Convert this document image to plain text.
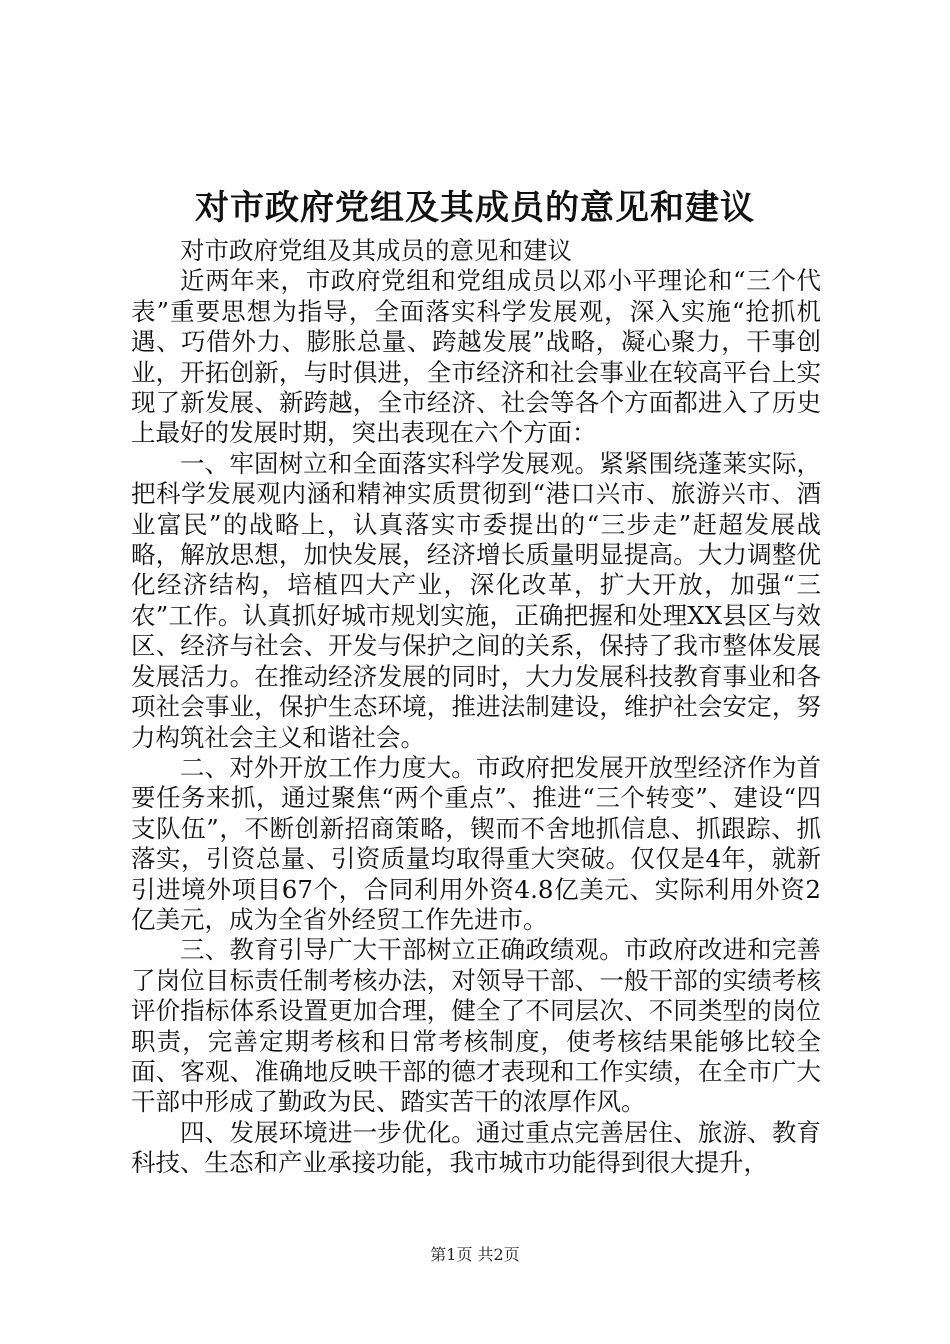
对市政府党组及其成员的意见和建议

对市政府党组及其成员的意见和建议

近两年来，市政府党组和党组成员以邓小平理论和“三个代表”重要思想为指导，全面落实科学发展观，深入实施“抢抓机遇、巧借外力、膨胀总量、跨越发展”战略，凝心聚力，干事创业，开拓创新，与时俱进，全市经济和社会事业在较高平台上实现了新发展、新跨越，全市经济、社会等各个方面都进入了历史上最好的发展时期，突出表现在六个方面：

一、牢固树立和全面落实科学发展观。紧紧围绕蓬莱实际，把科学发展观内涵和精神实质贯彻到“港口兴市、旅游兴市、酒业富民”的战略上，认真落实市委提出的“三步走”赶超发展战略，解放思想，加快发展，经济增长质量明显提高。大力调整优化经济结构，培植四大产业，深化改革，扩大开放，加强“三农”工作。认真抓好城市规划实施，正确把握和处理XX县区与效区、经济与社会、开发与保护之间的关系，保持了我市整体发展发展活力。在推动经济发展的同时，大力发展科技教育事业和各项社会事业，保护生态环境，推进法制建设，维护社会安定，努力构筑社会主义和谐社会。

二、对外开放工作力度大。市政府把发展开放型经济作为首要任务来抓，通过聚焦“两个重点”、推进“三个转变”、建设“四支队伍”，不断创新招商策略，锲而不舍地抓信息、抓跟踪、抓落实，引资总量、引资质量均取得重大突破。仅仅是4年，就新引进境外项目67个，合同利用外资4.8亿美元、实际利用外资2亿美元，成为全省外经贸工作先进市。

三、教育引导广大干部树立正确政绩观。市政府改进和完善了岗位目标责任制考核办法，对领导干部、一般干部的实绩考核评价指标体系设置更加合理，健全了不同层次、不同类型的岗位职责，完善定期考核和日常考核制度，使考核结果能够比较全面、客观、准确地反映干部的德才表现和工作实绩，在全市广大干部中形成了勤政为民、踏实苦干的浓厚作风。

四、发展环境进一步优化。通过重点完善居住、旅游、教育科技、生态和产业承接功能，我市城市功能得到很大提升，

第1页 共2页
